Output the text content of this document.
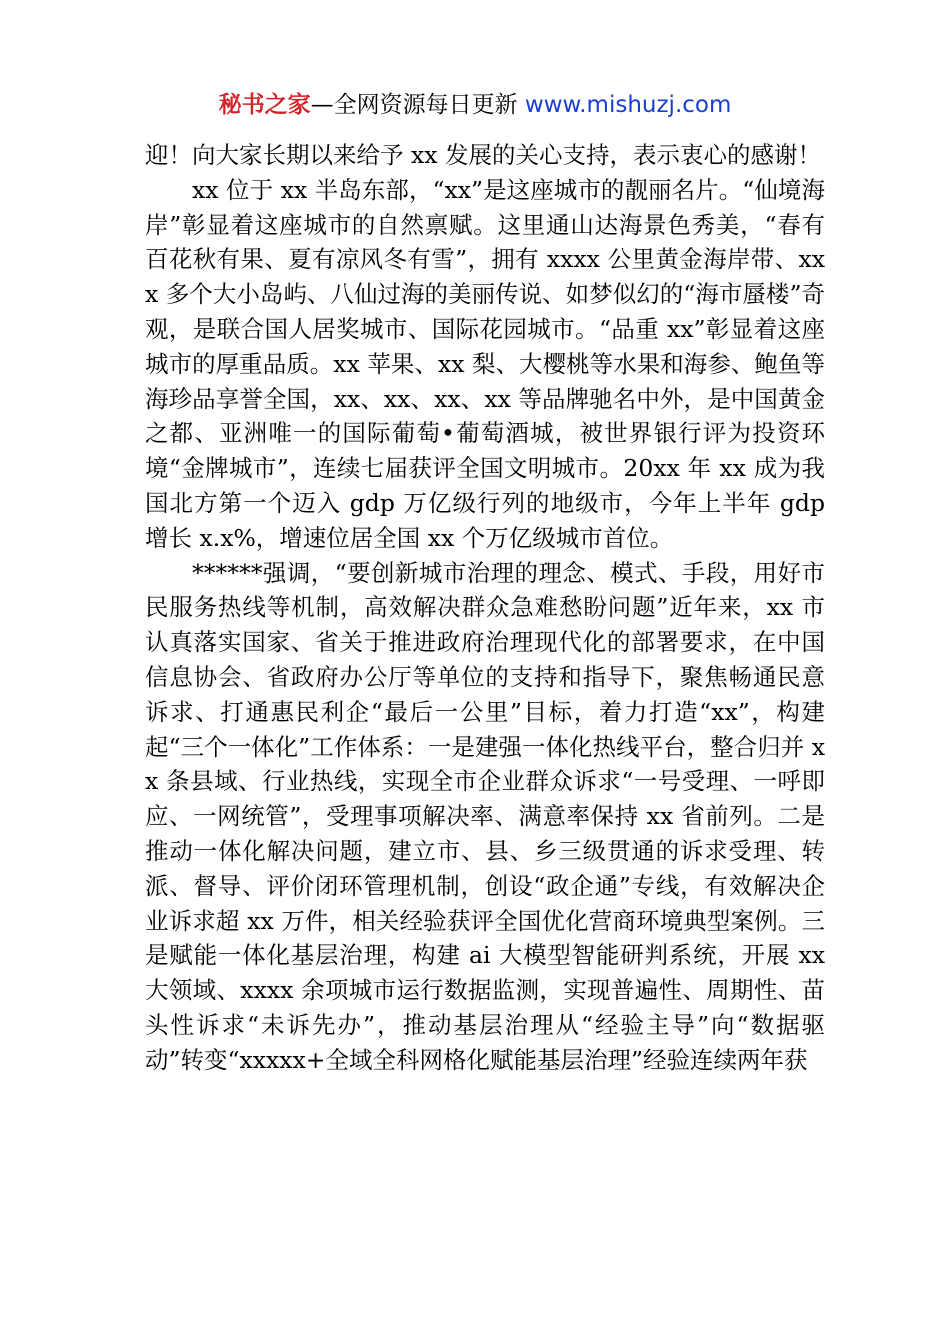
秘书之家—全网资源每日更新 www.mishuzj.com

迎！向大家长期以来给予 xx 发展的关心支持，表示衷心的感谢！

xx 位于 xx 半岛东部，“xx”是这座城市的靓丽名片。“仙境海岸”彰显着这座城市的自然禀赋。这里通山达海景色秀美，“春有百花秋有果、夏有凉风冬有雪”，拥有 xxxx 公里黄金海岸带、xxx 多个大小岛屿、八仙过海的美丽传说、如梦似幻的“海市蜃楼”奇观，是联合国人居奖城市、国际花园城市。“品重 xx”彰显着这座城市的厚重品质。xx 苹果、xx 梨、大樱桃等水果和海参、鲍鱼等海珍品享誉全国，xx、xx、xx、xx 等品牌驰名中外，是中国黄金之都、亚洲唯一的国际葡萄•葡萄酒城，被世界银行评为投资环境“金牌城市”，连续七届获评全国文明城市。20xx 年 xx 成为我国北方第一个迈入 gdp 万亿级行列的地级市，今年上半年 gdp 增长 x.x%，增速位居全国 xx 个万亿级城市首位。

******强调，“要创新城市治理的理念、模式、手段，用好市民服务热线等机制，高效解决群众急难愁盼问题”近年来，xx 市认真落实国家、省关于推进政府治理现代化的部署要求，在中国信息协会、省政府办公厅等单位的支持和指导下，聚焦畅通民意诉求、打通惠民利企“最后一公里”目标，着力打造“xx”，构建起“三个一体化”工作体系：一是建强一体化热线平台，整合归并 xx 条县域、行业热线，实现全市企业群众诉求“一号受理、一呼即应、一网统管”，受理事项解决率、满意率保持 xx 省前列。二是推动一体化解决问题，建立市、县、乡三级贯通的诉求受理、转派、督导、评价闭环管理机制，创设“政企通”专线，有效解决企业诉求超 xx 万件，相关经验获评全国优化营商环境典型案例。三是赋能一体化基层治理，构建 ai 大模型智能研判系统，开展 xx 大领域、xxxx 余项城市运行数据监测，实现普遍性、周期性、苗头性诉求“未诉先办”，推动基层治理从“经验主导”向“数据驱动”转变“xxxxx+全域全科网格化赋能基层治理”经验连续两年获
